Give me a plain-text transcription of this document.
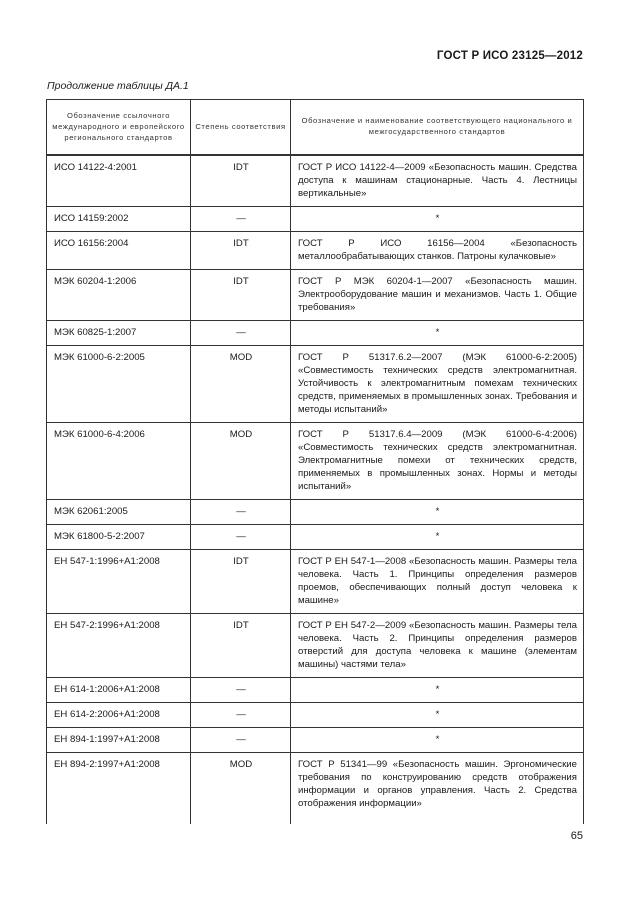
ГОСТ Р ИСО 23125—2012
Продолжение таблицы ДА.1
Обозначение ссылочного международного и европейского регионального стандартов	Степень соответствия	Обозначение и наименование соответствующего национального и межгосударственного стандартов
ИСО 14122-4:2001	IDT	ГОСТ Р ИСО 14122-4—2009 «Безопасность машин. Средства доступа к машинам стационарные. Часть 4. Лестницы вертикальные»
ИСО 14159:2002	—	*
ИСО 16156:2004	IDT	ГОСТ Р ИСО 16156—2004 «Безопасность металлообрабатывающих станков. Патроны кулачковые»
МЭК 60204-1:2006	IDT	ГОСТ Р МЭК 60204-1—2007 «Безопасность машин. Электрооборудование машин и механизмов. Часть 1. Общие требования»
МЭК 60825-1:2007	—	*
МЭК 61000-6-2:2005	MOD	ГОСТ Р 51317.6.2—2007 (МЭК 61000-6-2:2005) «Совместимость технических средств электромагнитная. Устойчивость к электромагнитным помехам технических средств, применяемых в промышленных зонах. Требования и методы испытаний»
МЭК 61000-6-4:2006	MOD	ГОСТ Р 51317.6.4—2009 (МЭК 61000-6-4:2006) «Совместимость технических средств электромагнитная. Электромагнитные помехи от технических средств, применяемых в промышленных зонах. Нормы и методы испытаний»
МЭК 62061:2005	—	*
МЭК 61800-5-2:2007	—	*
ЕН 547-1:1996+А1:2008	IDT	ГОСТ Р ЕН 547-1—2008 «Безопасность машин. Размеры тела человека. Часть 1. Принципы определения размеров проемов, обеспечивающих полный доступ человека к машине»
ЕН 547-2:1996+А1:2008	IDT	ГОСТ Р ЕН 547-2—2009 «Безопасность машин. Размеры тела человека. Часть 2. Принципы определения размеров отверстий для доступа человека к машине (элементам машины) частями тела»
ЕН 614-1:2006+А1:2008	—	*
ЕН 614-2:2006+А1:2008	—	*
ЕН 894-1:1997+А1:2008	—	*
ЕН 894-2:1997+А1:2008	MOD	ГОСТ Р 51341—99 «Безопасность машин. Эргономические требования по конструированию средств отображения информации и органов управления. Часть 2. Средства отображения информации»
65
